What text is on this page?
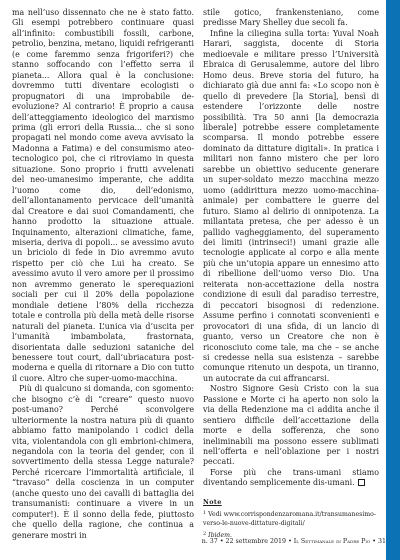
ma nell’uso dissennato che ne è stato fatto. Gli esempi potrebbero continuare quasi all’infinito: combustibili fossili, carbone, petrolio, benzina, metano, liquidi refrigeranti (e come faremmo senza frigoriferi?) che stanno soffocando con l’effetto serra il pianeta... Allora qual è la conclusione: dovremmo tutti diventare ecologisti o propugnatori di una improbabile de-evoluzione? Al contrario! È proprio a causa dell’atteggiamento ideologico del marxismo prima (gli errori della Russia... che si sono propagati nel mondo come aveva avvisato la Madonna a Fatima) e del consumismo ateo-tecnologico poi, che ci ritroviamo in questa situazione. Sono proprio i frutti avvelenati del neo-umanesimo imperante, che addita l’uomo come dio, dell’edonismo, dell’allontanamento pervicace dell’umanità dal Creatore e dai suoi Comandamenti, che hanno prodotto la situazione attuale. Inquinamento, alterazioni climatiche, fame, miseria, deriva di popoli... se avessimo avuto un briciolo di fede in Dio avremmo avuto rispetto per ciò che Lui ha creato. Se avessimo avuto il vero amore per il prossimo non avremmo generato le sperequazioni sociali per cui il 20% della popolazione mondiale detiene l’80% della ricchezza totale e controlla più della metà delle risorse naturali del pianeta. L’unica via d’uscita per l’umanità imbambolata, frastornata, disorientata dalle seduzioni sataniche del benessere tout court, dall’ubriacatura post-moderna e quella di ritornare a Dio con tutto il cuore. Altro che super-uomo-macchina.

Più di qualcuno si domanda, con sgomento: che bisogno c’è di “creare” questo nuovo post-umano? Perché sconvolgere ulteriormente la nostra natura più di quanto abbiamo fatto manipolando i codici della vita, violentandola con gli embrioni-chimera, negandola con la teoria del gender, con il sovvertimento della stessa Legge naturale? Perché ricercare l’immortalità artificiale, il “travaso” della coscienza in un computer (anche questo uno dei cavalli di battaglia dei transumanisti: continuare a vivere in un computer!). È il sonno della fede, piuttosto che quello della ragione, che continua a generare mostri in

stile gotico, frankensteniano, come predisse Mary Shelley due secoli fa.

Infine la ciliegina sulla torta: Yuval Noah Harari, saggista, docente di Storia medioevale e militare presso l’Università Ebraica di Gerusalemme, autore del libro Homo deus. Breve storia del futuro, ha dichiarato già due anni fa: «Lo scopo non è quello di prevedere [la Storia], bensì di estendere l’orizzonte delle nostre possibilità. Tra 50 anni [la democrazia liberale] potrebbe essere completamente scomparsa. Il mondo potrebbe essere dominato da dittature digitali». In pratica i militari non fanno mistero che per loro sarebbe un obiettivo seducente generare un super-soldato mezzo macchina mezzo uomo (addirittura mezzo uomo-macchina-animale) per combattere le guerre del futuro. Siamo al delirio di onnipotenza. La millantata pretesa, che per adesso è un pallido vagheggiamento, del superamento dei limiti (intrinseci!) umani grazie alle tecnologie applicate al corpo e alla mente più che un’utopia appare un ennesimo atto di ribellione dell’uomo verso Dio. Una reiterata non-accettazione della nostra condizione di esuli dal paradiso terrestre, di peccatori bisognosi di redenzione. Assume perfino i connotati sconvenienti e provocatori di una sfida, di un lancio di guanto, verso un Creatore che non è riconosciuto come tale, ma che – se anche si credesse nella sua esistenza – sarebbe comunque ritenuto un despota, un tiranno, un autocrate da cui affrancarsi.

Nostro Signore Gesù Cristo con la sua Passione e Morte ci ha aperto non solo la via della Redenzione ma ci addita anche il sentiero difficile dell’accettazione della morte e della sofferenza, che sono ineliminabili ma possono essere sublimati nell’offerta e nell’oblazione per i nostri peccati.

Forse più che trans-umani stiamo diventando semplicemente dis-umani.

Note
$^1$ Vedi www.corrispondenzaromana.it/transumanesimo-verso-le-nuove-dittature-digitali/
$^2$ Ibidem.
n. 37 • 22 settembre 2019 • Il Settimanale di Padre Pio • 31
